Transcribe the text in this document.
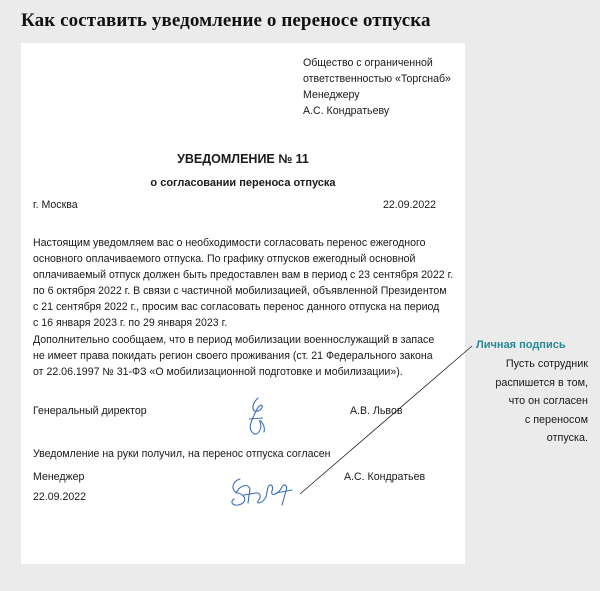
Как составить уведомление о переносе отпуска
Общество с ограниченной
ответственностью «Торгснаб»
Менеджеру
А.С. Кондратьеву
УВЕДОМЛЕНИЕ № 11
о согласовании переноса отпуска
г. Москва	22.09.2022
Настоящим уведомляем вас о необходимости согласовать перенос ежегодного
основного оплачиваемого отпуска. По графику отпусков ежегодный основной
оплачиваемый отпуск должен быть предоставлен вам в период с 23 сентября 2022 г.
по 6 октября 2022 г. В связи с частичной мобилизацией, объявленной Президентом
с 21 сентября 2022 г., просим вас согласовать перенос данного отпуска на период
с 16 января 2023 г. по 29 января 2023 г.
Дополнительно сообщаем, что в период мобилизации военнослужащий в запасе
не имеет права покидать регион своего проживания (ст. 21 Федерального закона
от 22.06.1997 № 31-ФЗ «О мобилизационной подготовке и мобилизации»).
Генеральный директор	А.В. Львов
Уведомление на руки получил, на перенос отпуска согласен
Менеджер	А.С. Кондратьев
22.09.2022
Личная подпись
Пусть сотрудник
распишется в том,
что он согласен
с переносом
отпуска.
